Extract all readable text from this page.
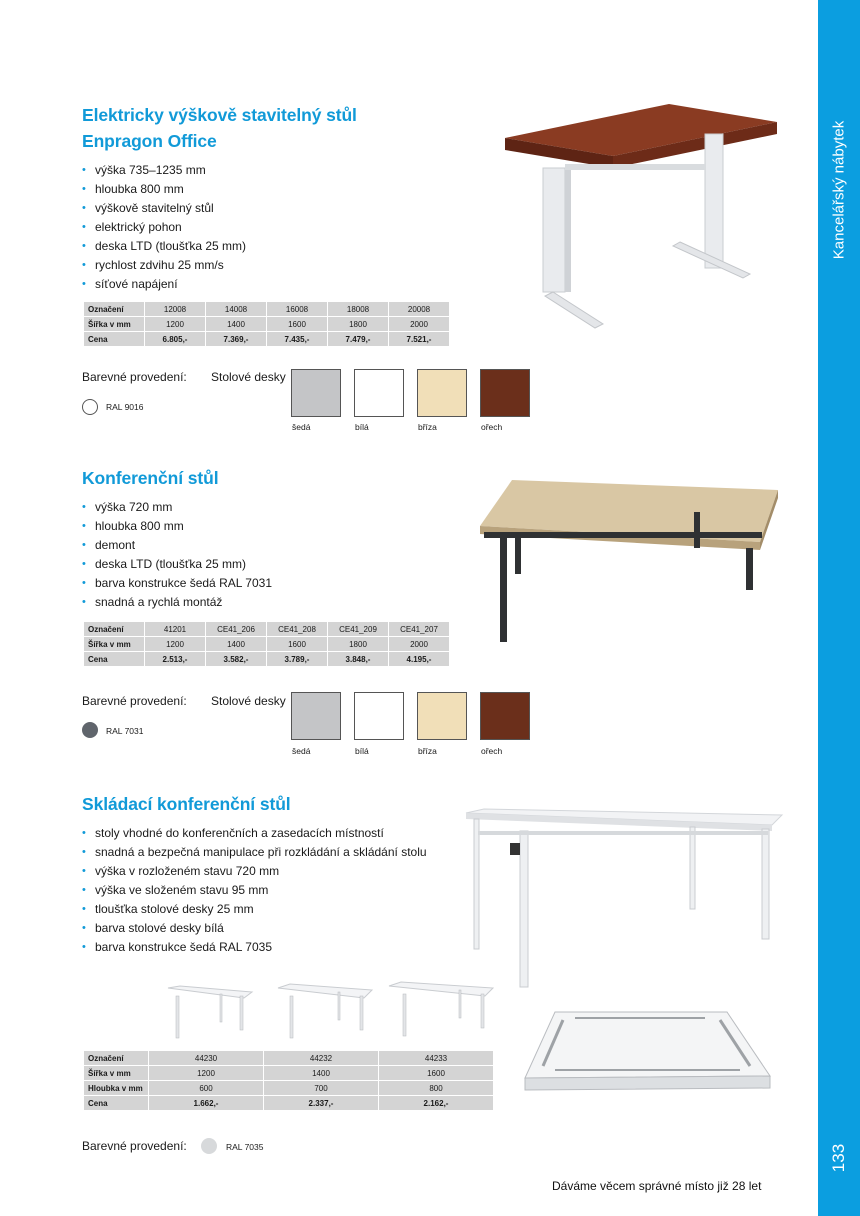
Kancelářský nábytek
133
Elektricky výškově stavitelný stůl
Enpragon Office
• výška 735–1235 mm
• hloubka 800 mm
• výškově stavitelný stůl
• elektrický pohon
• deska LTD (tloušťka 25 mm)
• rychlost zdvihu 25 mm/s
• síťové napájení
Označení	12008	14008	16008	18008	20008
Šířka v mm	1200	1400	1600	1800	2000
Cena	6.805,-	7.369,-	7.435,-	7.479,-	7.521,-
Barevné provedení: Stolové desky
RAL 9016
šedá	bílá	bříza	ořech
Konferenční stůl
• výška 720 mm
• hloubka 800 mm
• demont
• deska LTD (tloušťka 25 mm)
• barva konstrukce šedá RAL 7031
• snadná a rychlá montáž
Označení	41201	CE41_206	CE41_208	CE41_209	CE41_207
Šířka v mm	1200	1400	1600	1800	2000
Cena	2.513,-	3.582,-	3.789,-	3.848,-	4.195,-
Barevné provedení: Stolové desky
RAL 7031
šedá	bílá	bříza	ořech
Skládací konferenční stůl
• stoly vhodné do konferenčních a zasedacích místností
• snadná a bezpečná manipulace při rozkládání a skládání stolu
• výška v rozloženém stavu 720 mm
• výška ve složeném stavu 95 mm
• tloušťka stolové desky 25 mm
• barva stolové desky bílá
• barva konstrukce šedá RAL 7035
Označení	44230	44232	44233
Šířka v mm	1200	1400	1600
Hloubka v mm	600	700	800
Cena	1.662,-	2.337,-	2.162,-
Barevné provedení:	RAL 7035
Dáváme věcem správné místo již 28 let
